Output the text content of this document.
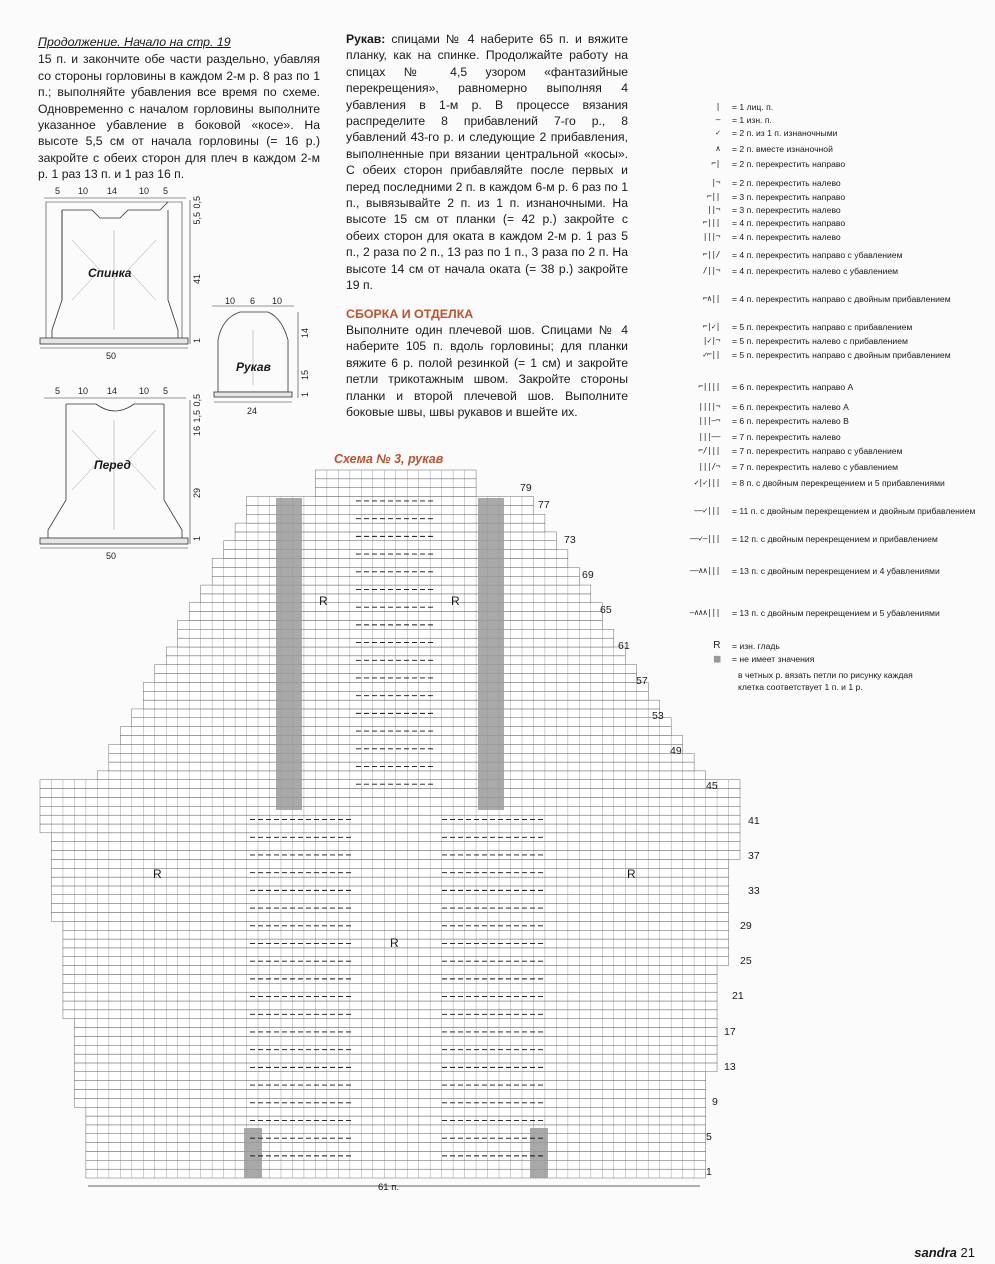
Продолжение. Начало на стр. 19
15 п. и закончите обе части раздельно, убавляя со стороны горловины в каждом 2-м р. 8 раз по 1 п.; выполняйте убавления все время по схеме. Одновременно с началом горловины выполните указанное убавление в боковой «косе». На высоте 5,5 см от начала горловины (= 16 р.) закройте с обеих сторон для плеч в каждом 2-м р. 1 раз 13 п. и 1 раз 16 п.
Рукав: спицами № 4 наберите 65 п. и вяжите планку, как на спинке. Продолжайте работу на спицах № 4,5 узором «фантазийные перекрещения», равномерно выполняя 4 убавления в 1-м р. В процессе вязания распределите 8 прибавлений 7-го р., 8 убавлений 43-го р. и следующие 2 прибавления, выполненные при вязании центральной «косы». С обеих сторон прибавляйте после первых и перед последними 2 п. в каждом 6-м р. 6 раз по 1 п., вывязывайте 2 п. из 1 п. изнаночными. На высоте 15 см от планки (= 42 р.) закройте с обеих сторон для оката в каждом 2-м р. 1 раз 5 п., 2 раза по 2 п., 13 раз по 1 п., 3 раза по 2 п. На высоте 14 см от начала оката (= 38 р.) закройте 19 п.
СБОРКА И ОТДЕЛКА
Выполните один плечевой шов. Спицами № 4 наберите 105 п. вдоль горловины; для планки вяжите 6 р. полой резинкой (= 1 см) и закройте петли трикотажным швом. Закройте стороны планки и второй плечевой шов. Выполните боковые швы, швы рукавов и вшейте их.
5 10 14 10 5
Спинка
50
0,5
5,5
41
1
5 10 14 10 5
Перед
50
0,5
1,5
16
29
1
10 6 10
Рукав
24
14
15
1
| = 1 лиц. п.
– = 1 изн. п.
✓ = 2 п. из 1 п. изнаночными
∧ = 2 п. вместе изнаночной
⌐| = 2 п. перекрестить направо
|¬ = 2 п. перекрестить налево
⌐|| = 3 п. перекрестить направо
||¬ = 3 п. перекрестить налево
⌐||| = 4 п. перекрестить направо
|||¬ = 4 п. перекрестить налево
⌐||/ = 4 п. перекрестить направо с убавлением
/||¬ = 4 п. перекрестить налево с убавлением
⌐∧|| = 4 п. перекрестить направо с двойным прибавлением
⌐|✓| = 5 п. перекрестить направо с прибавлением
|✓|¬ = 5 п. перекрестить налево с прибавлением
✓⌐|| = 5 п. перекрестить направо с двойным прибавлением
⌐|||| = 6 п. перекрестить направо A
||||¬ = 6 п. перекрестить налево A
|||–¬ = 6 п. перекрестить налево B
|||–– = 7 п. перекрестить налево
⌐/||| = 7 п. перекрестить направо с убавлением
|||/¬ = 7 п. перекрестить налево с убавлением
✓|✓||| = 8 п. с двойным перекрещением и 5 прибавлениями
––✓||| = 11 п. с двойным перекрещением и двойным прибавлением
––✓–||| = 12 п. с двойным перекрещением и прибавлением
––∧∧||| = 13 п. с двойным перекрещением и 4 убавлениями
–∧∧∧||| = 13 п. с двойным перекрещением и 5 убавлениями
R = изн. гладь
■ = не имеет значения
в четных р. вязать петли по рисунку каждая клетка соответствует 1 п. и 1 р.
Схема № 3, рукав
1
5
9
13
17
21
25
29
33
37
41
45
49
53
57
61
65
69
73
77
79
61 п.
R	R
R
R
R
sandra 21
